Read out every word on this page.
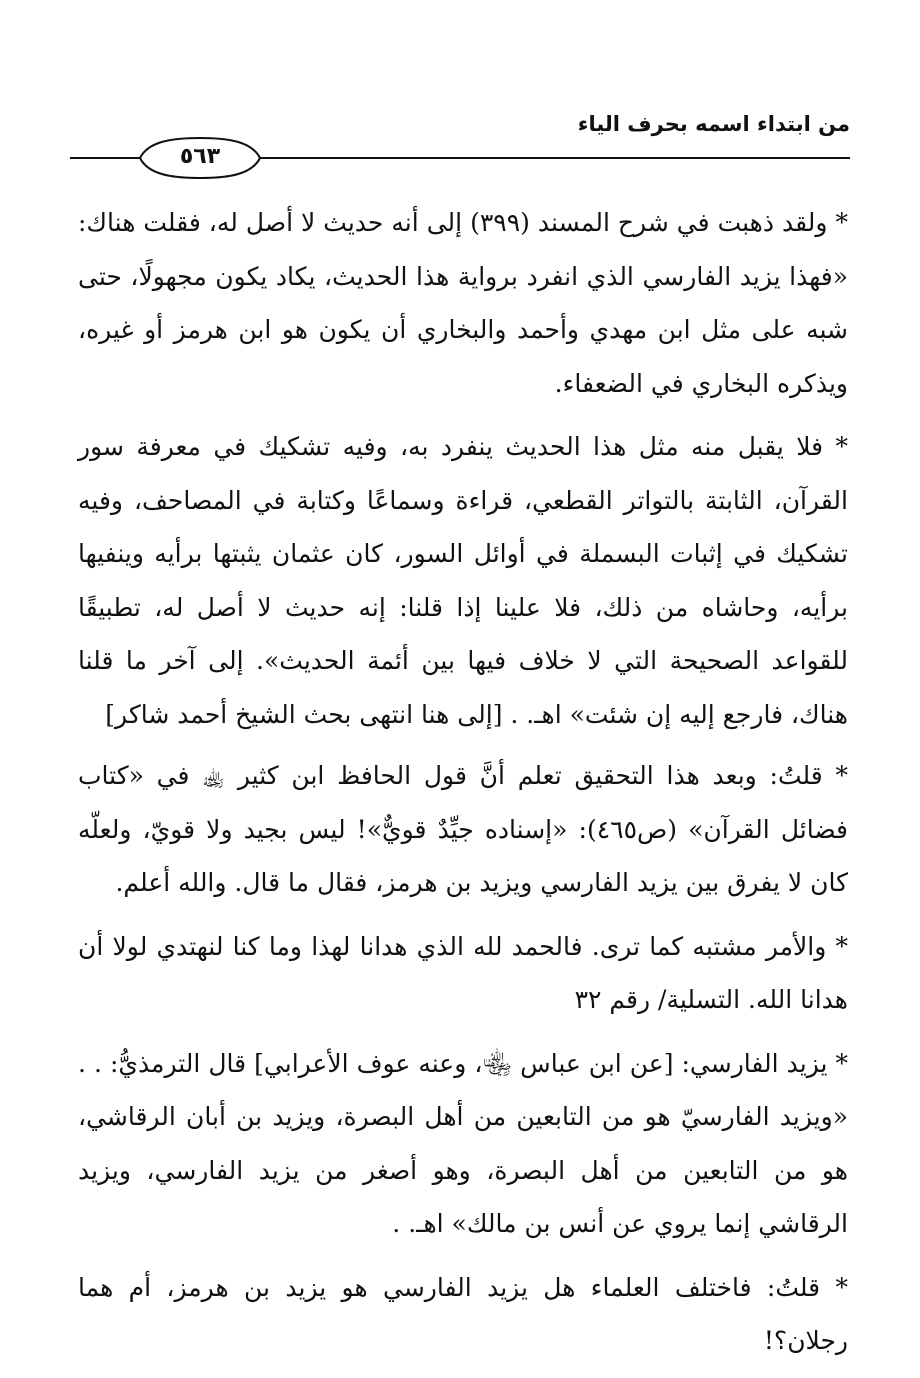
من ابتداء اسمه بحرف الياء
٥٦٣

* ولقد ذهبت في شرح المسند (٣٩٩) إلى أنه حديث لا أصل له، فقلت هناك: «فهذا يزيد الفارسي الذي انفرد برواية هذا الحديث، يكاد يكون مجهولًا، حتى شبه على مثل ابن مهدي وأحمد والبخاري أن يكون هو ابن هرمز أو غيره، ويذكره البخاري في الضعفاء.

* فلا يقبل منه مثل هذا الحديث ينفرد به، وفيه تشكيك في معرفة سور القرآن، الثابتة بالتواتر القطعي، قراءة وسماعًا وكتابة في المصاحف، وفيه تشكيك في إثبات البسملة في أوائل السور، كان عثمان يثبتها برأيه وينفيها برأيه، وحاشاه من ذلك، فلا علينا إذا قلنا: إنه حديث لا أصل له، تطبيقًا للقواعد الصحيحة التي لا خلاف فيها بين أئمة الحديث». إلى آخر ما قلنا هناك، فارجع إليه إن شئت» اهـ. . [إلى هنا انتهى بحث الشيخ أحمد شاكر]

* قلتُ: وبعد هذا التحقيق تعلم أنَّ قول الحافظ ابن كثير ﵀ في «كتاب فضائل القرآن» (ص٤٦٥): «إسناده جيِّدٌ قويٌّ»! ليس بجيد ولا قويّ، ولعلّه كان لا يفرق بين يزيد الفارسي ويزيد بن هرمز، فقال ما قال. والله أعلم.

* والأمر مشتبه كما ترى. فالحمد لله الذي هدانا لهذا وما كنا لنهتدي لولا أن هدانا الله. التسلية/ رقم ٣٢

* يزيد الفارسي: [عن ابن عباس ﵄، وعنه عوف الأعرابي] قال الترمذيُّ: . . «ويزيد الفارسيّ هو من التابعين من أهل البصرة، ويزيد بن أبان الرقاشي، هو من التابعين من أهل البصرة، وهو أصغر من يزيد الفارسي، ويزيد الرقاشي إنما يروي عن أنس بن مالك» اهـ. .

* قلتُ: فاختلف العلماء هل يزيد الفارسي هو يزيد بن هرمز، أم هما رجلان؟!
